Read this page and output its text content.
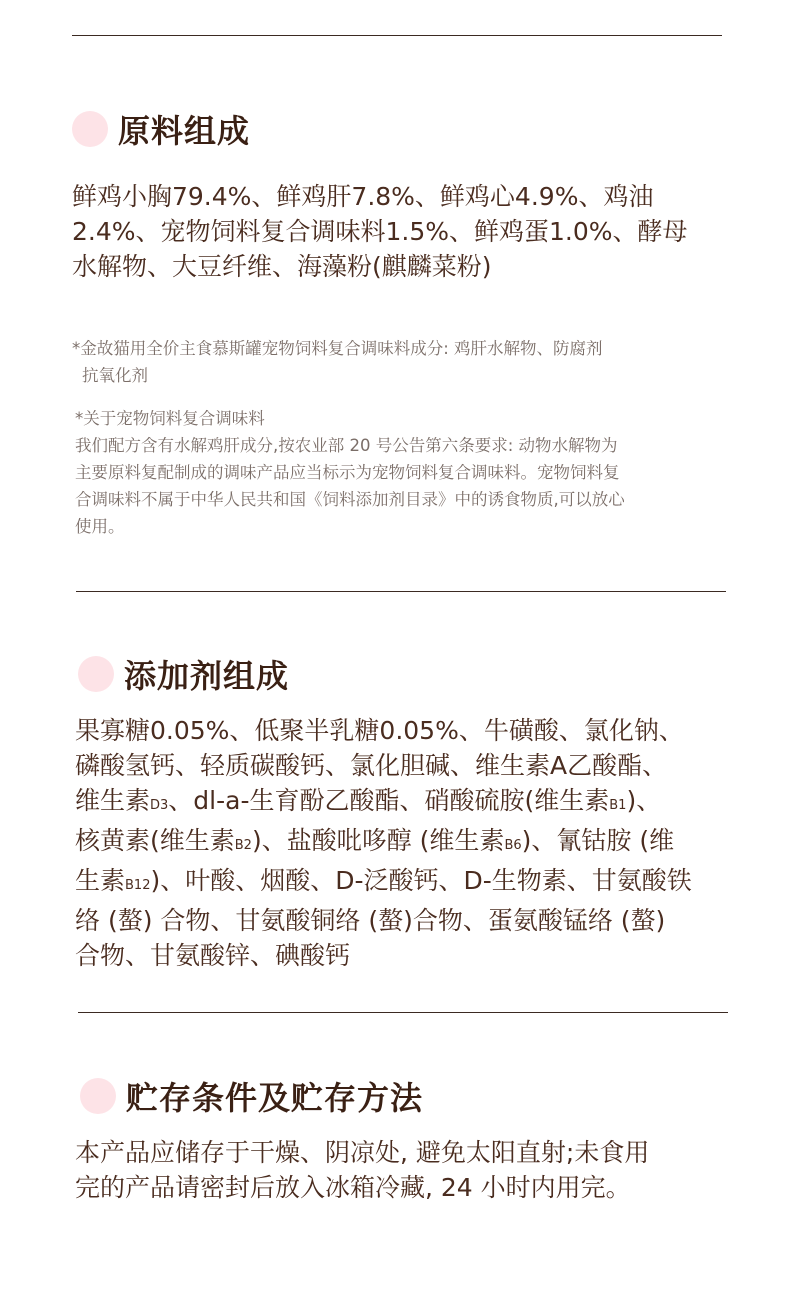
原料组成
鲜鸡小胸79.4%、鲜鸡肝7.8%、鲜鸡心4.9%、鸡油
2.4%、宠物饲料复合调味料1.5%、鲜鸡蛋1.0%、酵母
水解物、大豆纤维、海藻粉(麒麟菜粉)
*金故猫用全价主食慕斯罐宠物饲料复合调味料成分: 鸡肝水解物、防腐剂
抗氧化剂
*关于宠物饲料复合调味料
我们配方含有水解鸡肝成分,按农业部 20 号公告第六条要求: 动物水解物为
主要原料复配制成的调味产品应当标示为宠物饲料复合调味料。宠物饲料复
合调味料不属于中华人民共和国《饲料添加剂目录》中的诱食物质,可以放心
使用。
添加剂组成
果寡糖0.05%、低聚半乳糖0.05%、牛磺酸、氯化钠、
磷酸氢钙、轻质碳酸钙、氯化胆碱、维生素A乙酸酯、
维生素D3、dl-a-生育酚乙酸酯、硝酸硫胺(维生素B1)、
核黄素(维生素B2)、盐酸吡哆醇 (维生素B6)、氰钴胺 (维
生素B12)、叶酸、烟酸、D-泛酸钙、D-生物素、甘氨酸铁
络 (螯) 合物、甘氨酸铜络 (螯)合物、蛋氨酸锰络 (螯)
合物、甘氨酸锌、碘酸钙
贮存条件及贮存方法
本产品应储存于干燥、阴凉处, 避免太阳直射;未食用
完的产品请密封后放入冰箱冷藏, 24 小时内用完。
